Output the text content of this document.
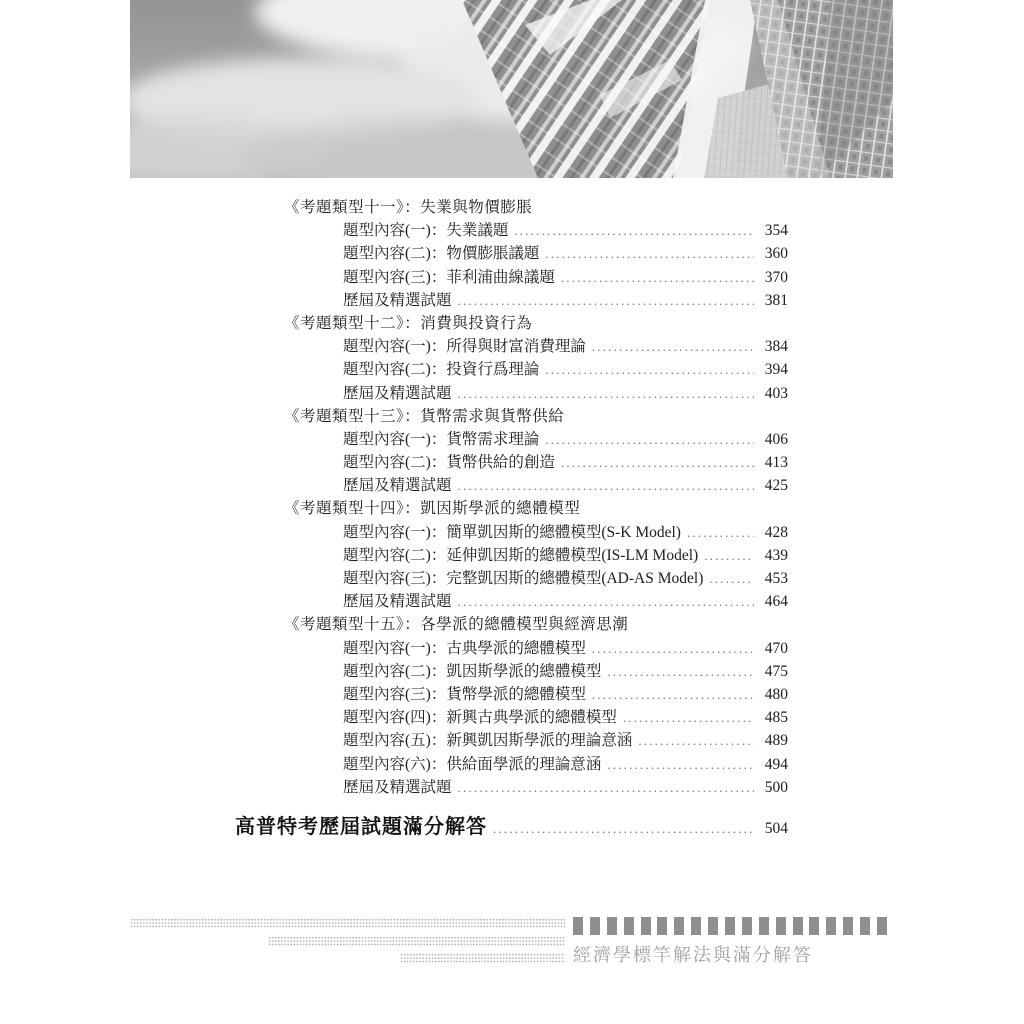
《考題類型十一》：失業與物價膨脹
題型內容(一)：失業議題 .....	354
題型內容(二)：物價膨脹議題 .....	360
題型內容(三)：菲利浦曲線議題 .....	370
歷屆及精選試題 .....	381
《考題類型十二》：消費與投資行為
題型內容(一)：所得與財富消費理論 .....	384
題型內容(二)：投資行爲理論 .....	394
歷屆及精選試題 .....	403
《考題類型十三》：貨幣需求與貨幣供給
題型內容(一)：貨幣需求理論 .....	406
題型內容(二)：貨幣供給的創造 .....	413
歷屆及精選試題 .....	425
《考題類型十四》：凱因斯學派的總體模型
題型內容(一)：簡單凱因斯的總體模型(S-K Model) .....	428
題型內容(二)：延伸凱因斯的總體模型(IS-LM Model) .....	439
題型內容(三)：完整凱因斯的總體模型(AD-AS Model) .....	453
歷屆及精選試題 .....	464
《考題類型十五》：各學派的總體模型與經濟思潮
題型內容(一)：古典學派的總體模型 .....	470
題型內容(二)：凱因斯學派的總體模型 .....	475
題型內容(三)：貨幣學派的總體模型 .....	480
題型內容(四)：新興古典學派的總體模型 .....	485
題型內容(五)：新興凱因斯學派的理論意涵 .....	489
題型內容(六)：供給面學派的理論意涵 .....	494
歷屆及精選試題 .....	500
高普特考歷屆試題滿分解答 .....	504
經濟學標竿解法與滿分解答
